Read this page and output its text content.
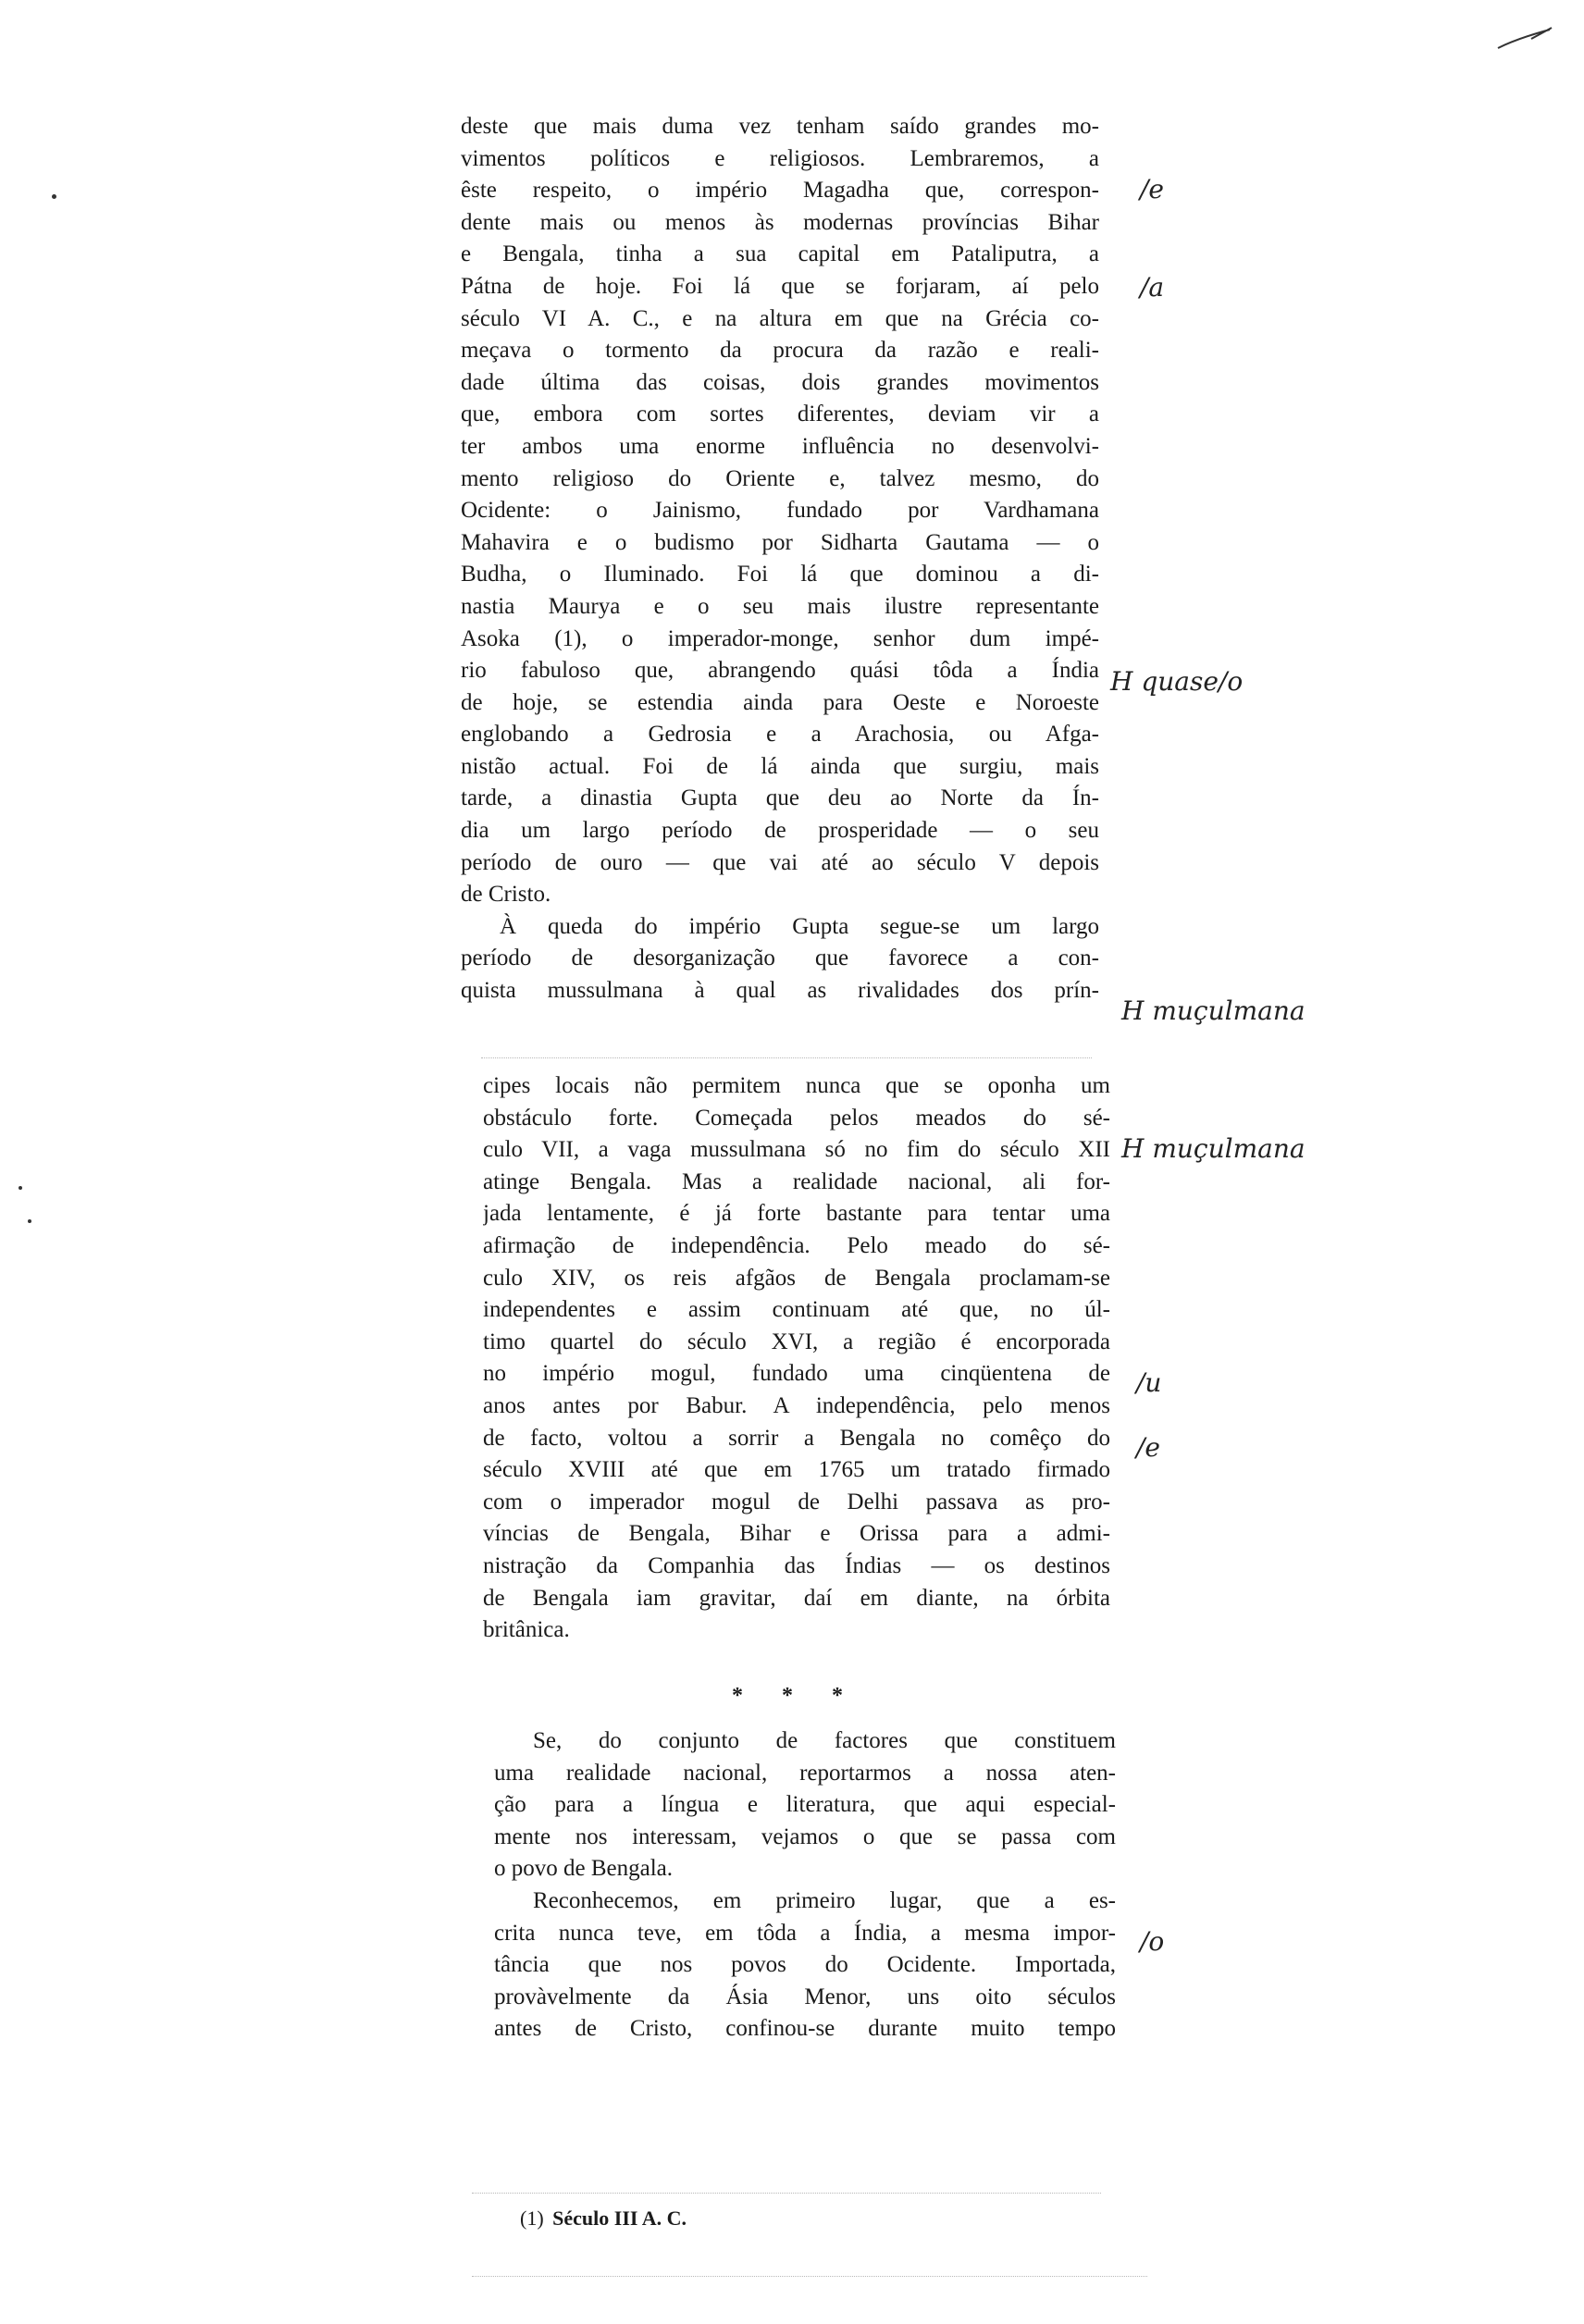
deste que mais duma vez tenham saído grandes mo-
vimentos políticos e religiosos. Lembraremos, a
êste respeito, o império Magadha que, correspon-
dente mais ou menos às modernas províncias Bihar
e Bengala, tinha a sua capital em Pataliputra, a
Pátna de hoje. Foi lá que se forjaram, aí pelo
século VI A. C., e na altura em que na Grécia co-
meçava o tormento da procura da razão e reali-
dade última das coisas, dois grandes movimentos
que, embora com sortes diferentes, deviam vir a
ter ambos uma enorme influência no desenvolvi-
mento religioso do Oriente e, talvez mesmo, do
Ocidente: o Jainismo, fundado por Vardhamana
Mahavira e o budismo por Sidharta Gautama — o
Budha, o Iluminado. Foi lá que dominou a di-
nastia Maurya e o seu mais ilustre representante
Asoka (1), o imperador-monge, senhor dum impé-
rio fabuloso que, abrangendo quási tôda a Índia
de hoje, se estendia ainda para Oeste e Noroeste
englobando a Gedrosia e a Arachosia, ou Afga-
nistão actual. Foi de lá ainda que surgiu, mais
tarde, a dinastia Gupta que deu ao Norte da Ín-
dia um largo período de prosperidade — o seu
período de ouro — que vai até ao século V depois
de Cristo.
À queda do império Gupta segue-se um largo
período de desorganização que favorece a con-
quista mussulmana à qual as rivalidades dos prín-
cipes locais não permitem nunca que se oponha um
obstáculo forte. Começada pelos meados do sé-
culo VII, a vaga mussulmana só no fim do século XII
atinge Bengala. Mas a realidade nacional, ali for-
jada lentamente, é já forte bastante para tentar uma
afirmação de independência. Pelo meado do sé-
culo XIV, os reis afgãos de Bengala proclamam-se
independentes e assim continuam até que, no úl-
timo quartel do século XVI, a região é encorporada
no império mogul, fundado uma cinqüentena de
anos antes por Babur. A independência, pelo menos
de facto, voltou a sorrir a Bengala no comêço do
século XVIII até que em 1765 um tratado firmado
com o imperador mogul de Delhi passava as pro-
víncias de Bengala, Bihar e Orissa para a admi-
nistração da Companhia das Índias — os destinos
de Bengala iam gravitar, daí em diante, na órbita
britânica.
* * *
Se, do conjunto de factores que constituem
uma realidade nacional, reportarmos a nossa aten-
ção para a língua e literatura, que aqui especial-
mente nos interessam, vejamos o que se passa com
o povo de Bengala.
Reconhecemos, em primeiro lugar, que a es-
crita nunca teve, em tôda a Índia, a mesma impor-
tância que nos povos do Ocidente. Importada,
provàvelmente da Ásia Menor, uns oito séculos
antes de Cristo, confinou-se durante muito tempo
(1) Século III A. C.
/e
/a
H quase/o
H muçulmana
H muçulmana
/u
/e
/o
